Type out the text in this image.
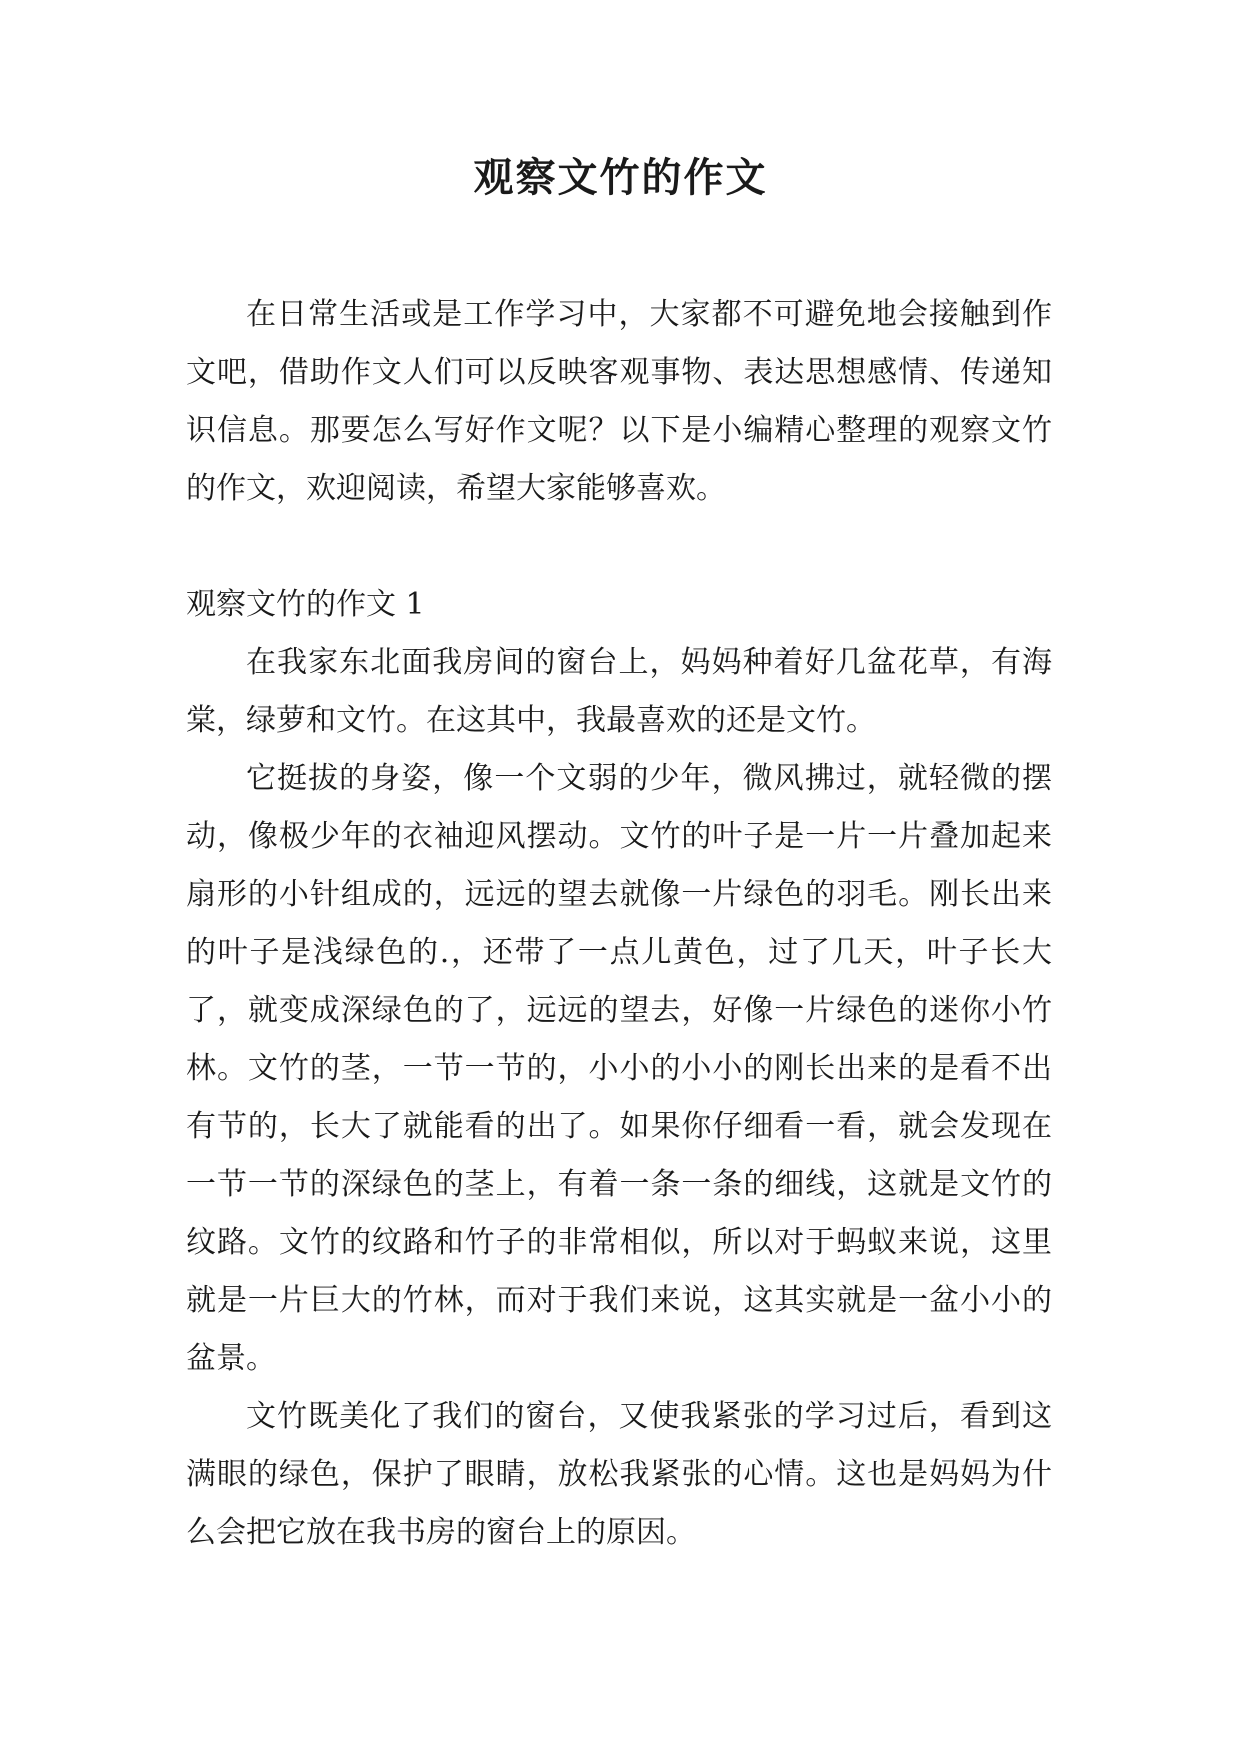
观察文竹的作文

在日常生活或是工作学习中，大家都不可避免地会接触到作文吧，借助作文人们可以反映客观事物、表达思想感情、传递知识信息。那要怎么写好作文呢？以下是小编精心整理的观察文竹的作文，欢迎阅读，希望大家能够喜欢。

观察文竹的作文 1

在我家东北面我房间的窗台上，妈妈种着好几盆花草，有海棠，绿萝和文竹。在这其中，我最喜欢的还是文竹。

它挺拔的身姿，像一个文弱的少年，微风拂过，就轻微的摆动，像极少年的衣袖迎风摆动。文竹的叶子是一片一片叠加起来扇形的小针组成的，远远的望去就像一片绿色的羽毛。刚长出来的叶子是浅绿色的.，还带了一点儿黄色，过了几天，叶子长大了，就变成深绿色的了，远远的望去，好像一片绿色的迷你小竹林。文竹的茎，一节一节的，小小的小小的刚长出来的是看不出有节的，长大了就能看的出了。如果你仔细看一看，就会发现在一节一节的深绿色的茎上，有着一条一条的细线，这就是文竹的纹路。文竹的纹路和竹子的非常相似，所以对于蚂蚁来说，这里就是一片巨大的竹林，而对于我们来说，这其实就是一盆小小的盆景。

文竹既美化了我们的窗台，又使我紧张的学习过后，看到这满眼的绿色，保护了眼睛，放松我紧张的心情。这也是妈妈为什么会把它放在我书房的窗台上的原因。
